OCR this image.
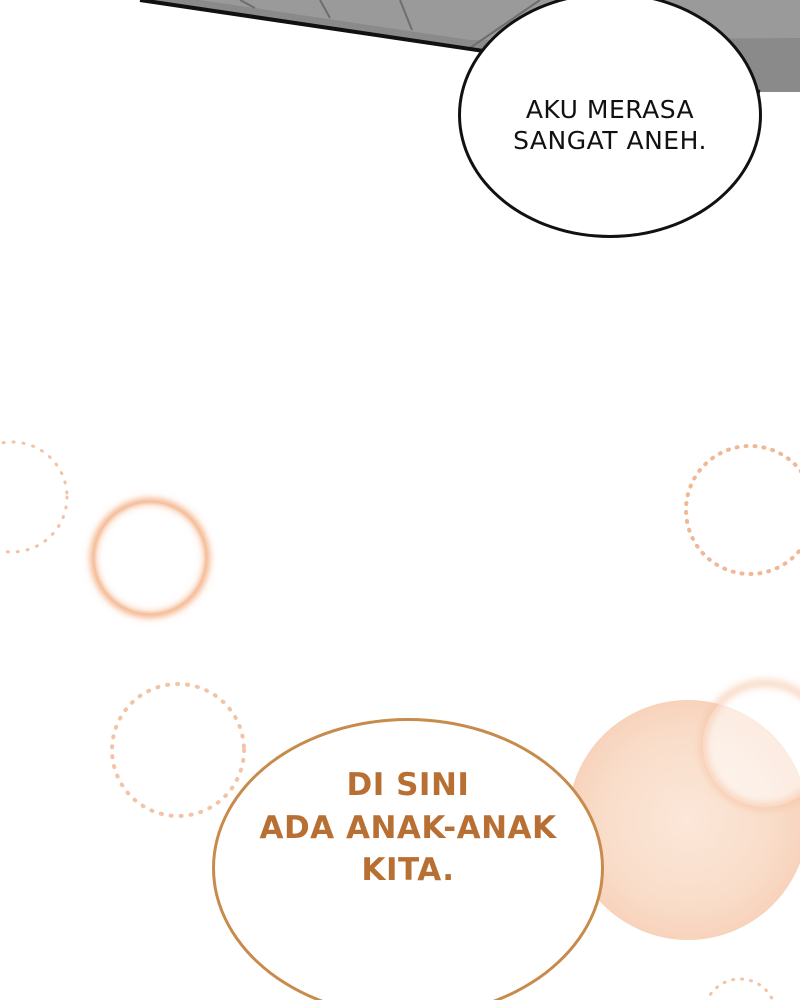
AKU MERASA
SANGAT ANEH.
DI SINI
ADA ANAK-ANAK
KITA.
